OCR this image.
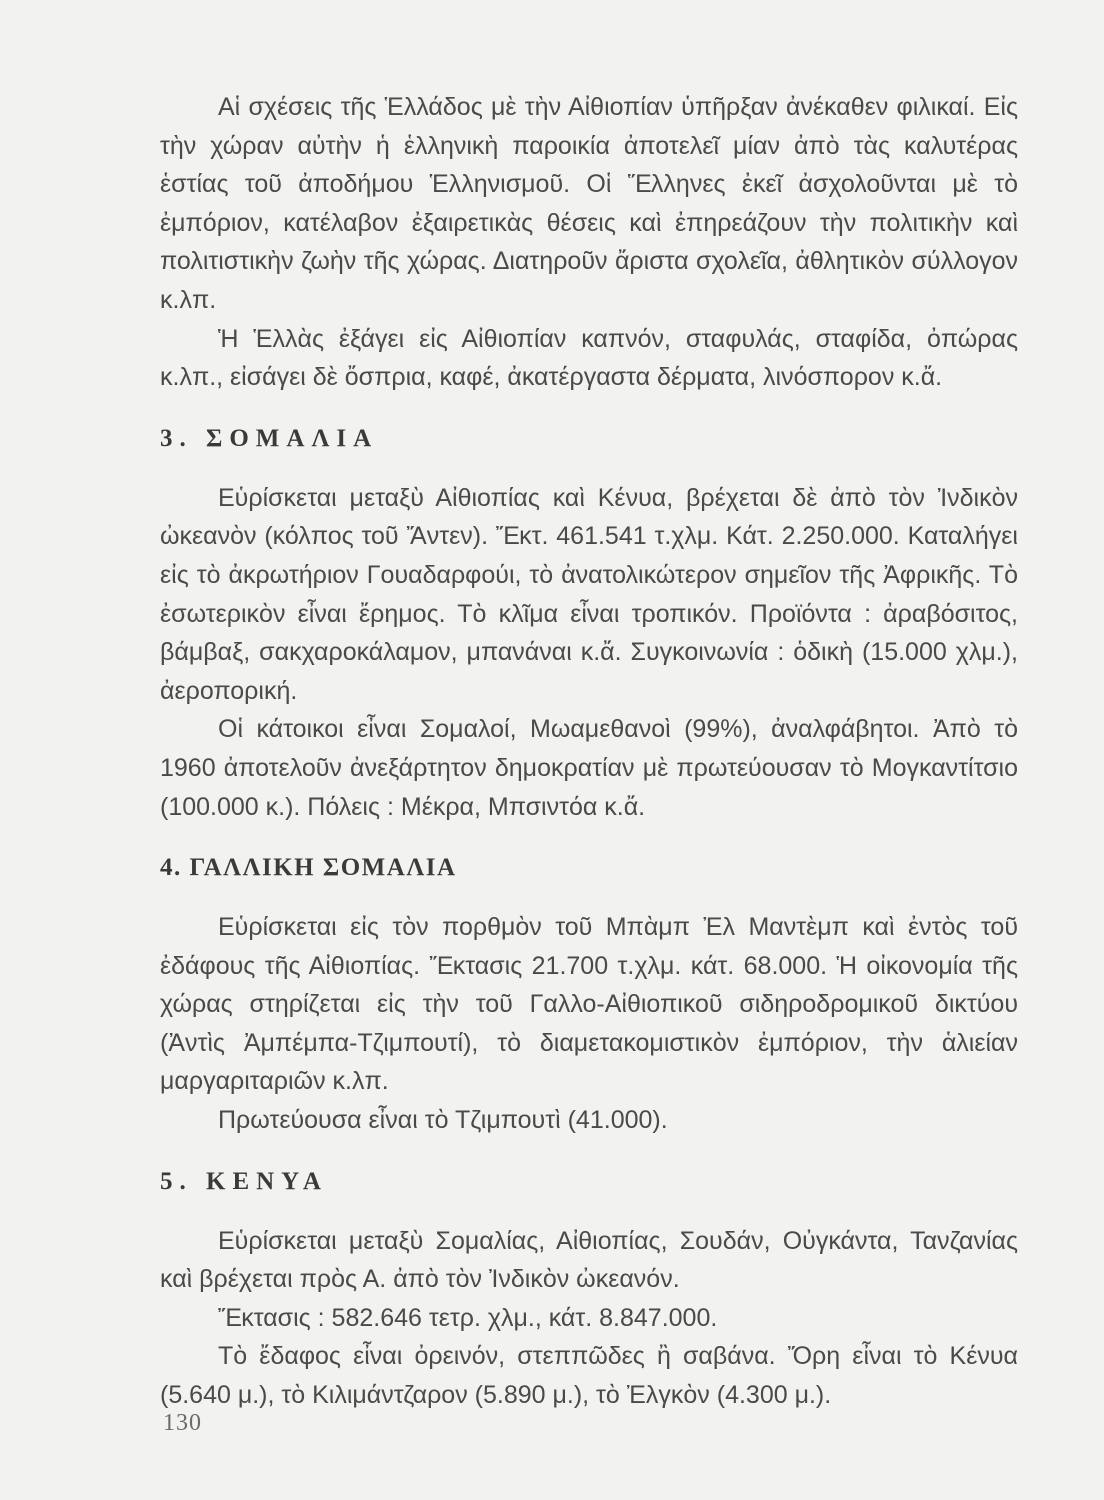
Αἱ σχέσεις τῆς Ἑλλάδος μὲ τὴν Αἰθιοπίαν ὑπῆρξαν ἀνέκαθεν φιλικαί. Εἰς τὴν χώραν αὐτὴν ἡ ἑλληνικὴ παροικία ἀποτελεῖ μίαν ἀπὸ τὰς καλυτέρας ἑστίας τοῦ ἀποδήμου Ἑλληνισμοῦ. Οἱ Ἕλληνες ἐκεῖ ἀσχολοῦνται μὲ τὸ ἐμπόριον, κατέλαβον ἐξαιρετικὰς θέσεις καὶ ἐπηρεάζουν τὴν πολιτικὴν καὶ πολιτιστικὴν ζωὴν τῆς χώρας. Διατηροῦν ἄριστα σχολεῖα, ἀθλητικὸν σύλλογον κ.λπ.

Ἡ Ἑλλὰς ἐξάγει εἰς Αἰθιοπίαν καπνόν, σταφυλάς, σταφίδα, ὀπώρας κ.λπ., εἰσάγει δὲ ὄσπρια, καφέ, ἀκατέργαστα δέρματα, λινόσπορον κ.ἄ.

3. ΣΟΜΑΛΙΑ

Εὑρίσκεται μεταξὺ Αἰθιοπίας καὶ Κένυα, βρέχεται δὲ ἀπὸ τὸν Ἰνδικὸν ὠκεανὸν (κόλπος τοῦ Ἄντεν). Ἔκτ. 461.541 τ.χλμ. Κάτ. 2.250.000. Καταλήγει εἰς τὸ ἀκρωτήριον Γουαδαρφούι, τὸ ἀνατολικώτερον σημεῖον τῆς Ἀφρικῆς. Τὸ ἐσωτερικὸν εἶναι ἔρημος. Τὸ κλῖμα εἶναι τροπικόν. Προϊόντα : ἀραβόσιτος, βάμβαξ, σακχαροκάλαμον, μπανάναι κ.ἄ. Συγκοινωνία : ὁδικὴ (15.000 χλμ.), ἀεροπορική.

Οἱ κάτοικοι εἶναι Σομαλοί, Μωαμεθανοὶ (99%), ἀναλφάβητοι. Ἀπὸ τὸ 1960 ἀποτελοῦν ἀνεξάρτητον δημοκρατίαν μὲ πρωτεύουσαν τὸ Μογκαντίτσιο (100.000 κ.). Πόλεις : Μέκρα, Μπσιντόα κ.ἄ.

4. ΓΑΛΛΙΚΗ ΣΟΜΑΛΙΑ

Εὑρίσκεται εἰς τὸν πορθμὸν τοῦ Μπὰμπ Ἐλ Μαντὲμπ καὶ ἐντὸς τοῦ ἐδάφους τῆς Αἰθιοπίας. Ἔκτασις 21.700 τ.χλμ. κάτ. 68.000. Ἡ οἰκονομία τῆς χώρας στηρίζεται εἰς τὴν τοῦ Γαλλο-Αἰθιοπικοῦ σιδηροδρομικοῦ δικτύου (Ἀντὶς Ἀμπέμπα-Τζιμπουτί), τὸ διαμετακομιστικὸν ἐμπόριον, τὴν ἁλιείαν μαργαριταριῶν κ.λπ.

Πρωτεύουσα εἶναι τὸ Τζιμπουτὶ (41.000).

5. ΚΕΝΥΑ

Εὑρίσκεται μεταξὺ Σομαλίας, Αἰθιοπίας, Σουδάν, Οὐγκάντα, Τανζανίας καὶ βρέχεται πρὸς Α. ἀπὸ τὸν Ἰνδικὸν ὠκεανόν.

Ἔκτασις : 582.646 τετρ. χλμ., κάτ. 8.847.000.

Τὸ ἔδαφος εἶναι ὀρεινόν, στεππῶδες ἢ σαβάνα. Ὄρη εἶναι τὸ Κένυα (5.640 μ.), τὸ Κιλιμάντζαρον (5.890 μ.), τὸ Ἐλγκὸν (4.300 μ.).

130
